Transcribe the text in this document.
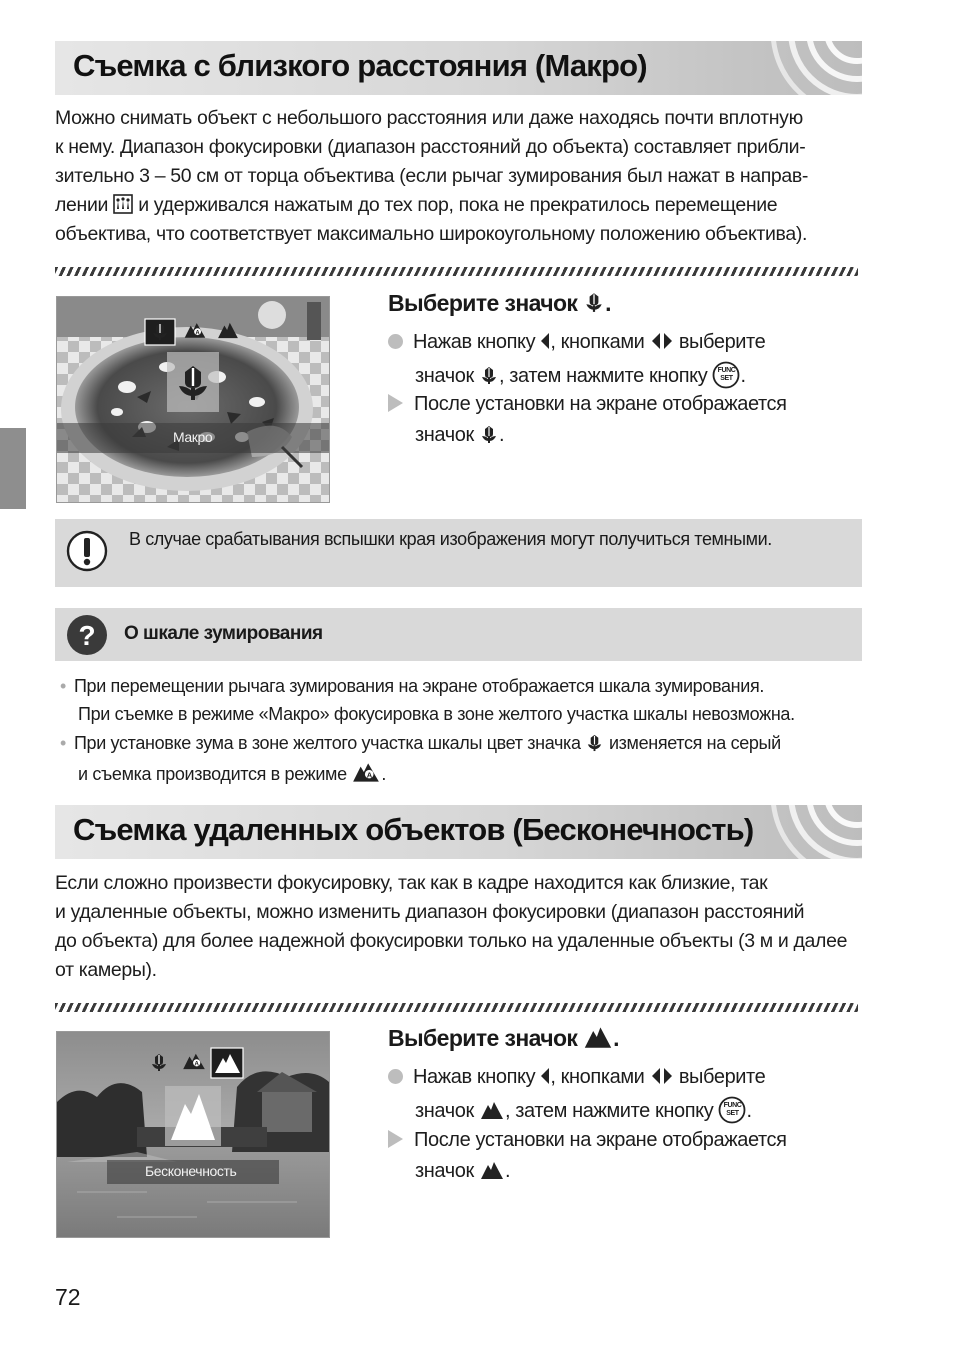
Съемка с близкого расстояния (Макро)

Можно снимать объект с небольшого расстояния или даже находясь почти вплотную

к нему. Диапазон фокусировки (диапазон расстояний до объекта) составляет прибли-

зительно 3 – 50 см от торца объектива (если рычаг зумирования был нажат в направ-

лении и удерживался нажатым до тех пор, пока не прекратилось перемещение

объектива, что соответствует максимально широкоугольному положению объектива).

Макро
Выберите значок .
Нажав кнопку , кнопками выберите
значок , затем нажмите кнопку	FUNC
SET .
После установки на экране отображается
значок .
В случае срабатывания вспышки края изображения могут получиться темными.
? О шкале зумирования

• При перемещении рычага зумирования на экране отображается шкала зумирования.

При съемке в режиме «Макро» фокусировка в зоне желтого участка шкалы невозможна.

• При установке зума в зоне желтого участка шкалы цвет значка изменяется на серый

и съемка производится в режиме .

Съемка удаленных объектов (Бесконечность)

Если сложно произвести фокусировку, так как в кадре находится как близкие, так

и удаленные объекты, можно изменить диапазон фокусировки (диапазон расстояний

до объекта) для более надежной фокусировки только на удаленные объекты (3 м и далее

от камеры).

Бесконечность
Выберите значок .
Нажав кнопку , кнопками выберите
значок , затем нажмите кнопку	FUNC
SET .
После установки на экране отображается
значок .
72
